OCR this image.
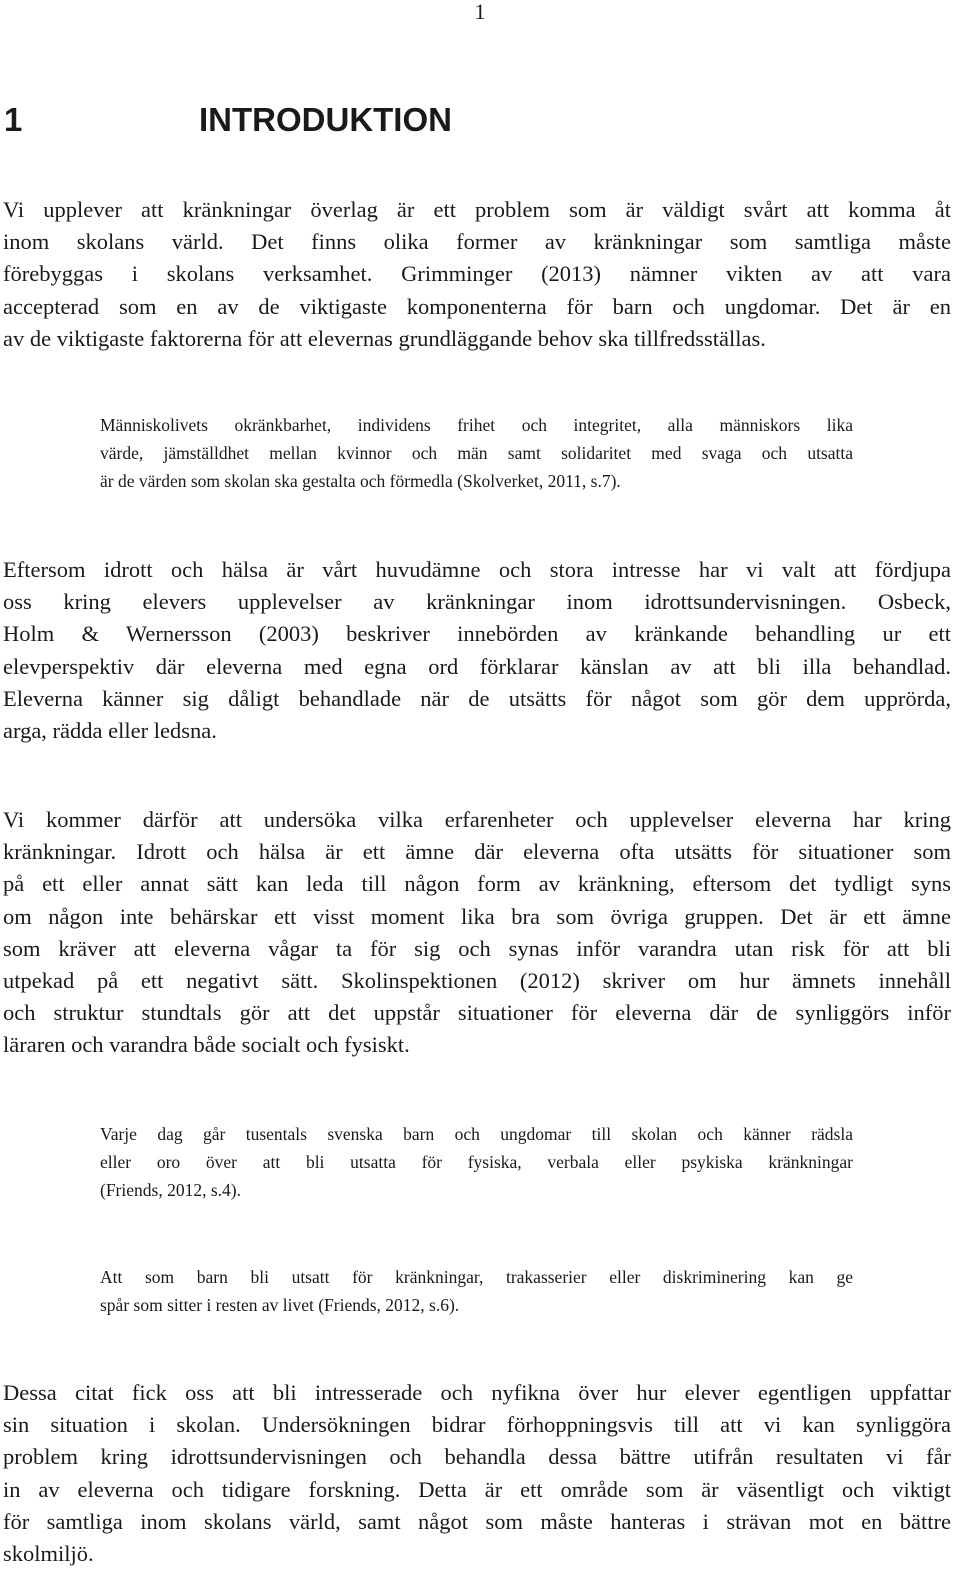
1
1	INTRODUKTION

Vi upplever att kränkningar överlag är ett problem som är väldigt svårt att komma åt
inom skolans värld. Det finns olika former av kränkningar som samtliga måste
förebyggas i skolans verksamhet. Grimminger (2013) nämner vikten av att vara
accepterad som en av de viktigaste komponenterna för barn och ungdomar. Det är en
av de viktigaste faktorerna för att elevernas grundläggande behov ska tillfredsställas.

Människolivets okränkbarhet, individens frihet och integritet, alla människors lika
värde, jämställdhet mellan kvinnor och män samt solidaritet med svaga och utsatta
är de värden som skolan ska gestalta och förmedla (Skolverket, 2011, s.7).

Eftersom idrott och hälsa är vårt huvudämne och stora intresse har vi valt att fördjupa
oss kring elevers upplevelser av kränkningar inom idrottsundervisningen. Osbeck,
Holm & Wernersson (2003) beskriver innebörden av kränkande behandling ur ett
elevperspektiv där eleverna med egna ord förklarar känslan av att bli illa behandlad.
Eleverna känner sig dåligt behandlade när de utsätts för något som gör dem upprörda,
arga, rädda eller ledsna.

Vi kommer därför att undersöka vilka erfarenheter och upplevelser eleverna har kring
kränkningar. Idrott och hälsa är ett ämne där eleverna ofta utsätts för situationer som
på ett eller annat sätt kan leda till någon form av kränkning, eftersom det tydligt syns
om någon inte behärskar ett visst moment lika bra som övriga gruppen. Det är ett ämne
som kräver att eleverna vågar ta för sig och synas inför varandra utan risk för att bli
utpekad på ett negativt sätt. Skolinspektionen (2012) skriver om hur ämnets innehåll
och struktur stundtals gör att det uppstår situationer för eleverna där de synliggörs inför
läraren och varandra både socialt och fysiskt.

Varje dag går tusentals svenska barn och ungdomar till skolan och känner rädsla
eller oro över att bli utsatta för fysiska, verbala eller psykiska kränkningar
(Friends, 2012, s.4).

Att som barn bli utsatt för kränkningar, trakasserier eller diskriminering kan ge
spår som sitter i resten av livet (Friends, 2012, s.6).

Dessa citat fick oss att bli intresserade och nyfikna över hur elever egentligen uppfattar
sin situation i skolan. Undersökningen bidrar förhoppningsvis till att vi kan synliggöra
problem kring idrottsundervisningen och behandla dessa bättre utifrån resultaten vi får
in av eleverna och tidigare forskning. Detta är ett område som är väsentligt och viktigt
för samtliga inom skolans värld, samt något som måste hanteras i strävan mot en bättre
skolmiljö.
